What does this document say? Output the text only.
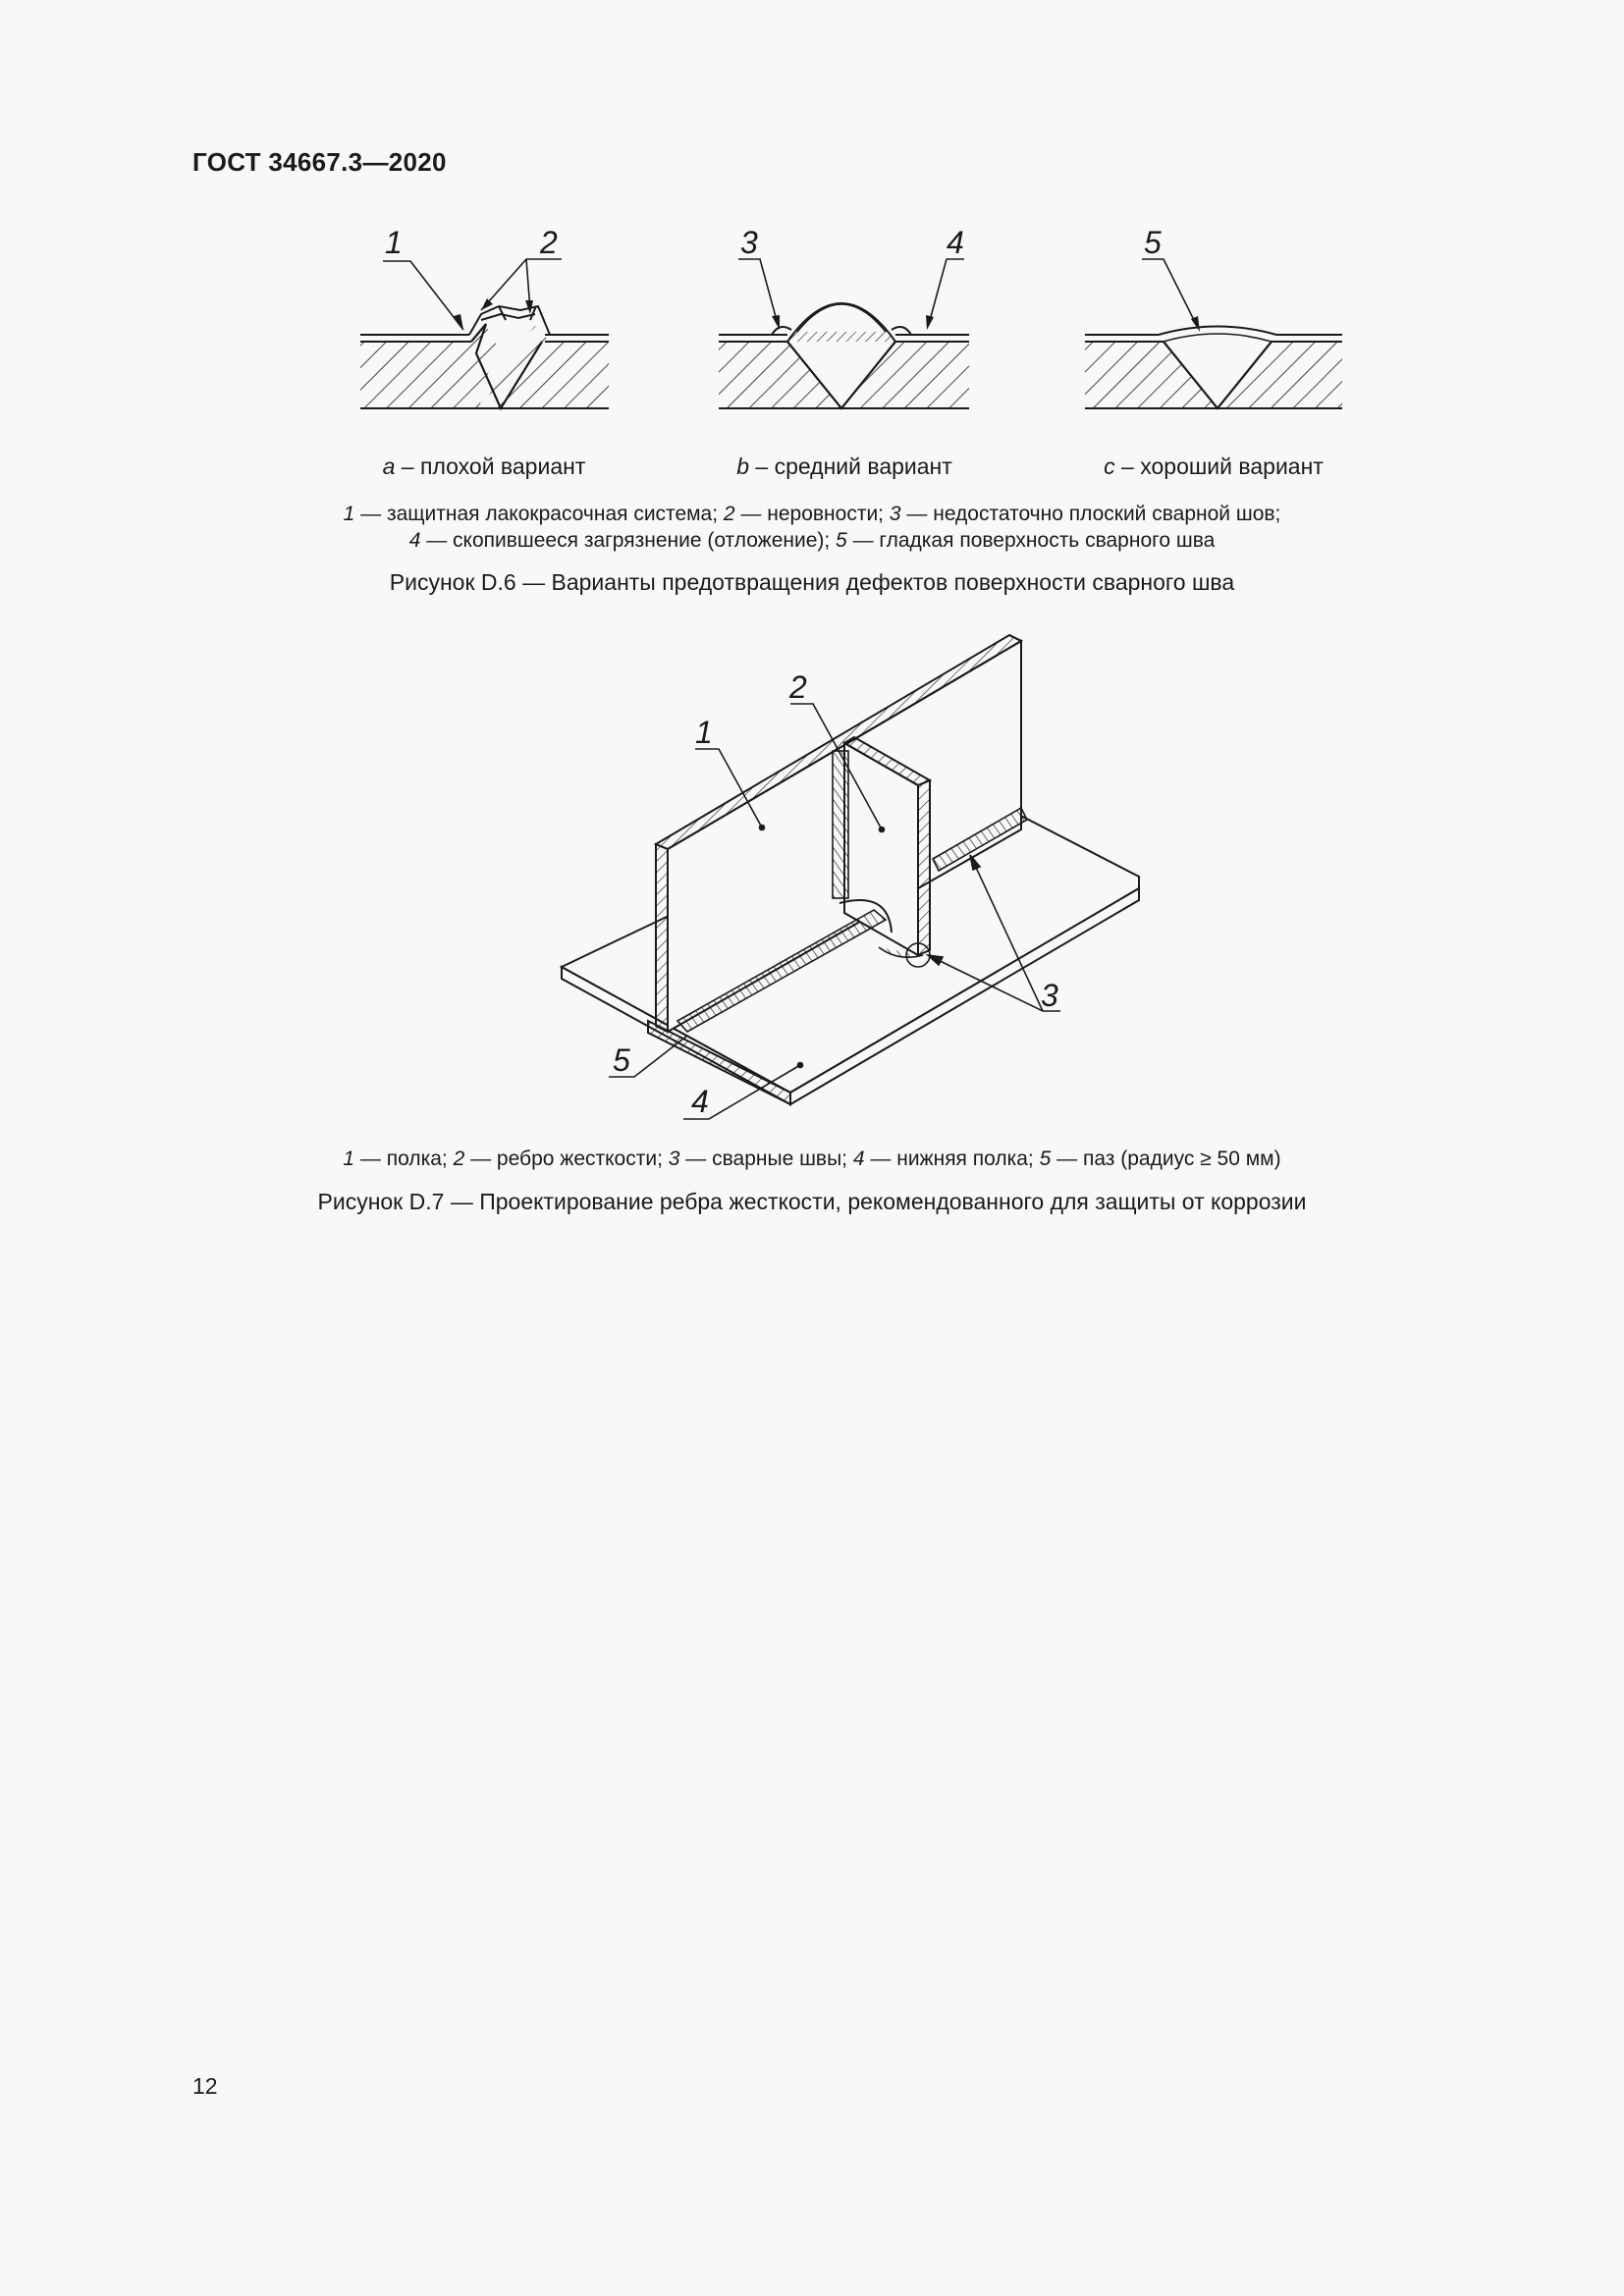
ГОСТ 34667.3—2020
1	2	3	4	5
a – плохой вариант	b – средний вариант	c – хороший вариант
1 — защитная лакокрасочная система; 2 — неровности; 3 — недостаточно плоский сварной шов;
4 — скопившееся загрязнение (отложение); 5 — гладкая поверхность сварного шва
Рисунок D.6 — Варианты предотвращения дефектов поверхности сварного шва
1
2
3
4
5
1 — полка; 2 — ребро жесткости; 3 — сварные швы; 4 — нижняя полка; 5 — паз (радиус ≥ 50 мм)
Рисунок D.7 — Проектирование ребра жесткости, рекомендованного для защиты от коррозии
12
